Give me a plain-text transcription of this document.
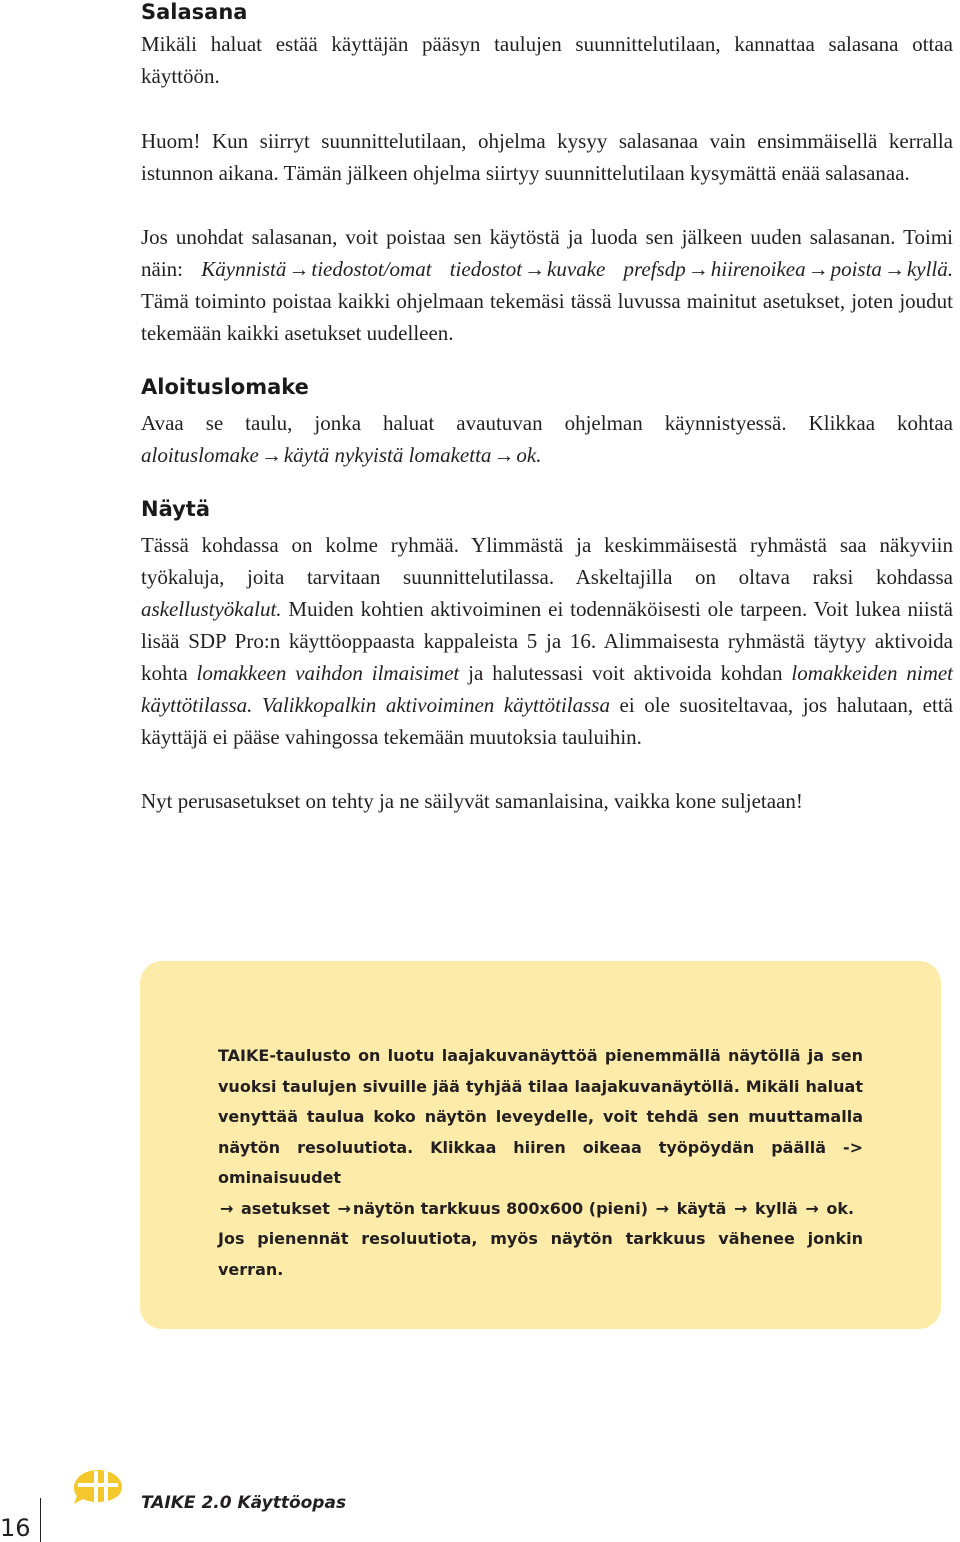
Salasana

Mikäli haluat estää käyttäjän pääsyn taulujen suunnittelutilaan, kannattaa salasana ottaa käyttöön.

Huom! Kun siirryt suunnittelutilaan, ohjelma kysyy salasanaa vain ensimmäisellä kerralla istunnon aikana. Tämän jälkeen ohjelma siirtyy suunnittelutilaan kysymättä enää salasanaa.

Jos unohdat salasanan, voit poistaa sen käytöstä ja luoda sen jälkeen uuden salasanan. Toimi näin: Käynnistä→tiedostot/omat tiedostot→kuvake prefsdp→hiirenoikea→poista→kyllä. Tämä toiminto poistaa kaikki ohjelmaan tekemäsi tässä luvussa mainitut asetukset, joten joudut tekemään kaikki asetukset uudelleen.

Aloituslomake

Avaa se taulu, jonka haluat avautuvan ohjelman käynnistyessä. Klikkaa kohtaa aloituslomake→käytä nykyistä lomaketta→ok.

Näytä

Tässä kohdassa on kolme ryhmää. Ylimmästä ja keskimmäisestä ryhmästä saa näkyviin työkaluja, joita tarvitaan suunnittelutilassa. Askeltajilla on oltava raksi kohdassa askellustyökalut. Muiden kohtien aktivoiminen ei todennäköisesti ole tarpeen. Voit lukea niistä lisää SDP Pro:n käyttöoppaasta kappaleista 5 ja 16. Alimmaisesta ryhmästä täytyy aktivoida kohta lomakkeen vaihdon ilmaisimet ja halutessasi voit aktivoida kohdan lomakkeiden nimet käyttötilassa. Valikkopalkin aktivoiminen käyttötilassa ei ole suositeltavaa, jos halutaan, että käyttäjä ei pääse vahingossa tekemään muutoksia tauluihin.

Nyt perusasetukset on tehty ja ne säilyvät samanlaisina, vaikka kone suljetaan!

TAIKE-taulusto on luotu laajakuvanäyttöä pienemmällä näytöllä ja sen vuoksi taulujen sivuille jää tyhjää tilaa laajakuvanäytöllä. Mikäli haluat venyttää taulua koko näytön leveydelle, voit tehdä sen muuttamalla näytön resoluutiota. Klikkaa hiiren oikeaa työpöydän päällä -> ominaisuudet
→ asetukset → näytön tarkkuus 800x600 (pieni) → käytä → kyllä → ok.
Jos pienennät resoluutiota, myös näytön tarkkuus vähenee jonkin verran.

TAIKE 2.0 Käyttöopas
16
